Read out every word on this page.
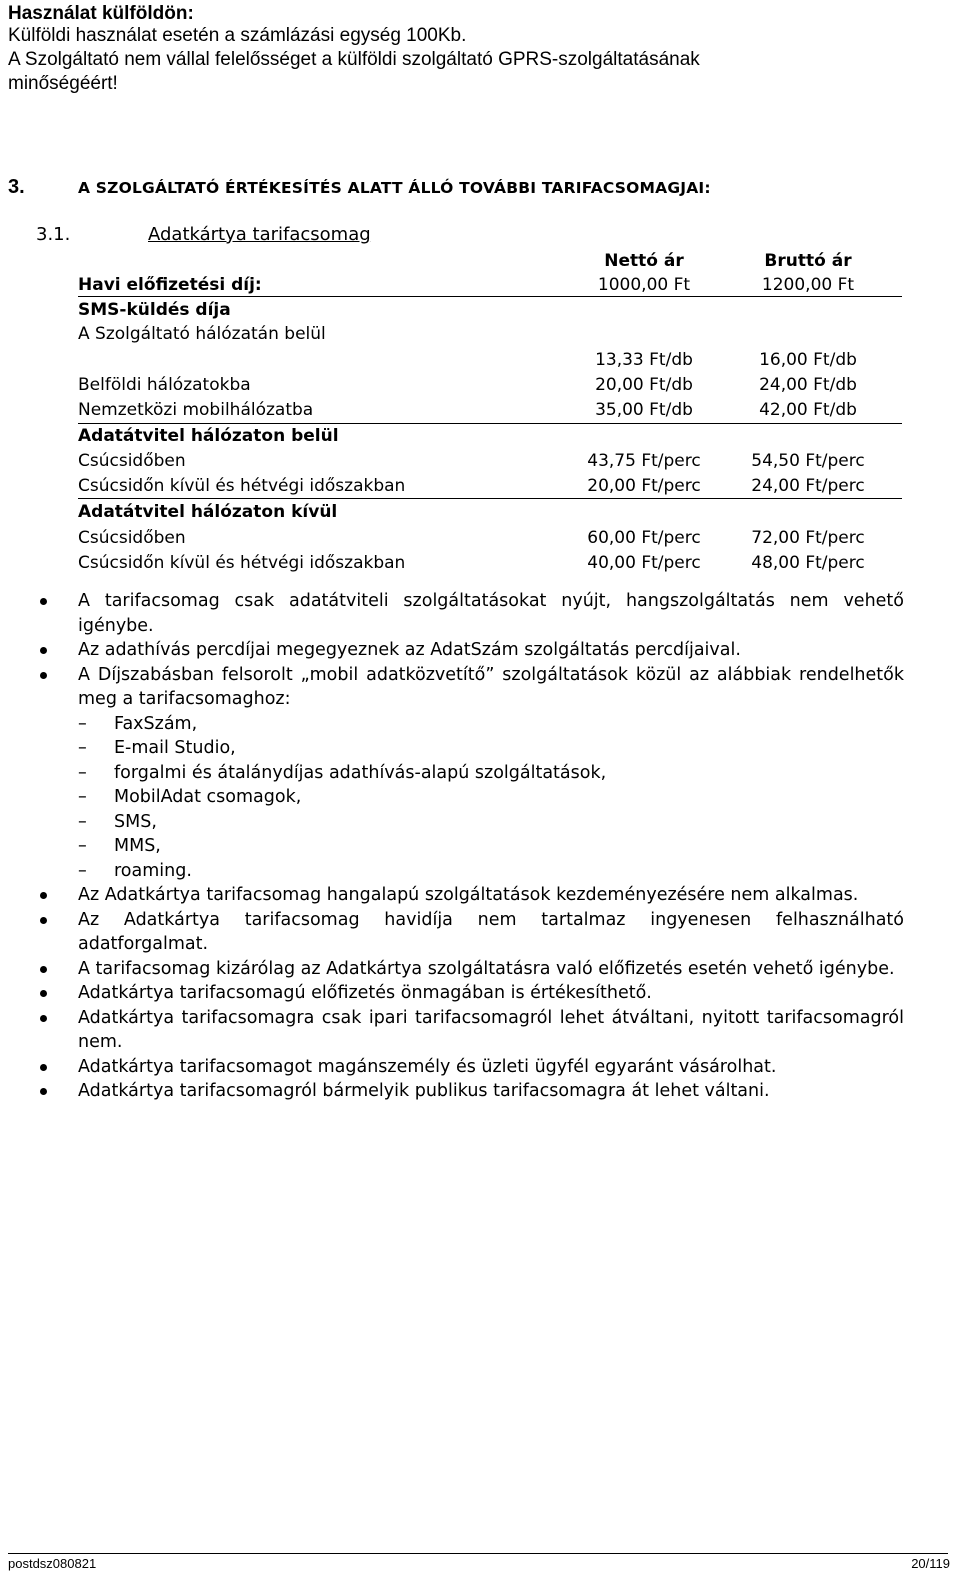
Használat külföldön:
Külföldi használat esetén a számlázási egység 100Kb.
A Szolgáltató nem vállal felelősséget a külföldi szolgáltató GPRS-szolgáltatásának
minőségéért!
3.	A SZOLGÁLTATÓ ÉRTÉKESÍTÉS ALATT ÁLLÓ TOVÁBBI TARIFACSOMAGJAI:
3.1.	Adatkártya tarifacsomag
Nettó ár	Bruttó ár
Havi előfizetési díj:	1000,00 Ft	1200,00 Ft
SMS-küldés díja
A Szolgáltató hálózatán belül
13,33 Ft/db	16,00 Ft/db
Belföldi hálózatokba	20,00 Ft/db	24,00 Ft/db
Nemzetközi mobilhálózatba	35,00 Ft/db	42,00 Ft/db
Adatátvitel hálózaton belül
Csúcsidőben	43,75 Ft/perc	54,50 Ft/perc
Csúcsidőn kívül és hétvégi időszakban	20,00 Ft/perc	24,00 Ft/perc
Adatátvitel hálózaton kívül
Csúcsidőben	60,00 Ft/perc	72,00 Ft/perc
Csúcsidőn kívül és hétvégi időszakban	40,00 Ft/perc	48,00 Ft/perc

A tarifacsomag csak adatátviteli szolgáltatásokat nyújt, hangszolgáltatás nem vehető igénybe.

Az adathívás percdíjai megegyeznek az AdatSzám szolgáltatás percdíjaival.

A Díjszabásban felsorolt „mobil adatközvetítő” szolgáltatások közül az alábbiak rendelhetők meg a tarifacsomaghoz:

– FaxSzám,

– E-mail Studio,

– forgalmi és átalánydíjas adathívás-alapú szolgáltatások,

– MobilAdat csomagok,

– SMS,

– MMS,

– roaming.

Az Adatkártya tarifacsomag hangalapú szolgáltatások kezdeményezésére nem alkalmas.

Az Adatkártya tarifacsomag havidíja nem tartalmaz ingyenesen felhasználható adatforgalmat.

A tarifacsomag kizárólag az Adatkártya szolgáltatásra való előfizetés esetén vehető igénybe.

Adatkártya tarifacsomagú előfizetés önmagában is értékesíthető.

Adatkártya tarifacsomagra csak ipari tarifacsomagról lehet átváltani, nyitott tarifacsomagról nem.

Adatkártya tarifacsomagot magánszemély és üzleti ügyfél egyaránt vásárolhat.

Adatkártya tarifacsomagról bármelyik publikus tarifacsomagra át lehet váltani.

postdsz080821	20/119
